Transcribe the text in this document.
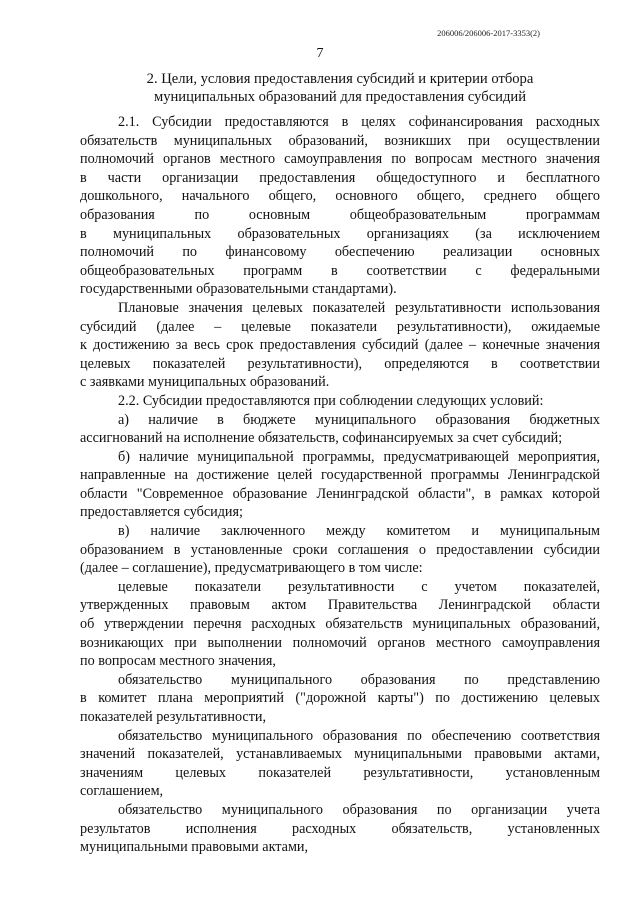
206006/206006-2017-3353(2)
7
2. Цели, условия предоставления субсидий и критерии отбора
муниципальных образований для предоставления субсидий
2.1. Субсидии предоставляются в целях софинансирования расходных
обязательств муниципальных образований, возникших при осуществлении
полномочий органов местного самоуправления по вопросам местного значения
в части организации предоставления общедоступного и бесплатного
дошкольного, начального общего, основного общего, среднего общего
образования по основным общеобразовательным программам
в муниципальных образовательных организациях (за исключением
полномочий по финансовому обеспечению реализации основных
общеобразовательных программ в соответствии с федеральными
государственными образовательными стандартами).
Плановые значения целевых показателей результативности использования
субсидий (далее – целевые показатели результативности), ожидаемые
к достижению за весь срок предоставления субсидий (далее – конечные значения
целевых показателей результативности), определяются в соответствии
с заявками муниципальных образований.
2.2. Субсидии предоставляются при соблюдении следующих условий:
а) наличие в бюджете муниципального образования бюджетных
ассигнований на исполнение обязательств, софинансируемых за счет субсидий;
б) наличие муниципальной программы, предусматривающей мероприятия,
направленные на достижение целей государственной программы Ленинградской
области "Современное образование Ленинградской области", в рамках которой
предоставляется субсидия;
в) наличие заключенного между комитетом и муниципальным
образованием в установленные сроки соглашения о предоставлении субсидии
(далее – соглашение), предусматривающего в том числе:
целевые показатели результативности с учетом показателей,
утвержденных правовым актом Правительства Ленинградской области
об утверждении перечня расходных обязательств муниципальных образований,
возникающих при выполнении полномочий органов местного самоуправления
по вопросам местного значения,
обязательство муниципального образования по представлению
в комитет плана мероприятий ("дорожной карты") по достижению целевых
показателей результативности,
обязательство муниципального образования по обеспечению соответствия
значений показателей, устанавливаемых муниципальными правовыми актами,
значениям целевых показателей результативности, установленным
соглашением,
обязательство муниципального образования по организации учета
результатов исполнения расходных обязательств, установленных
муниципальными правовыми актами,
